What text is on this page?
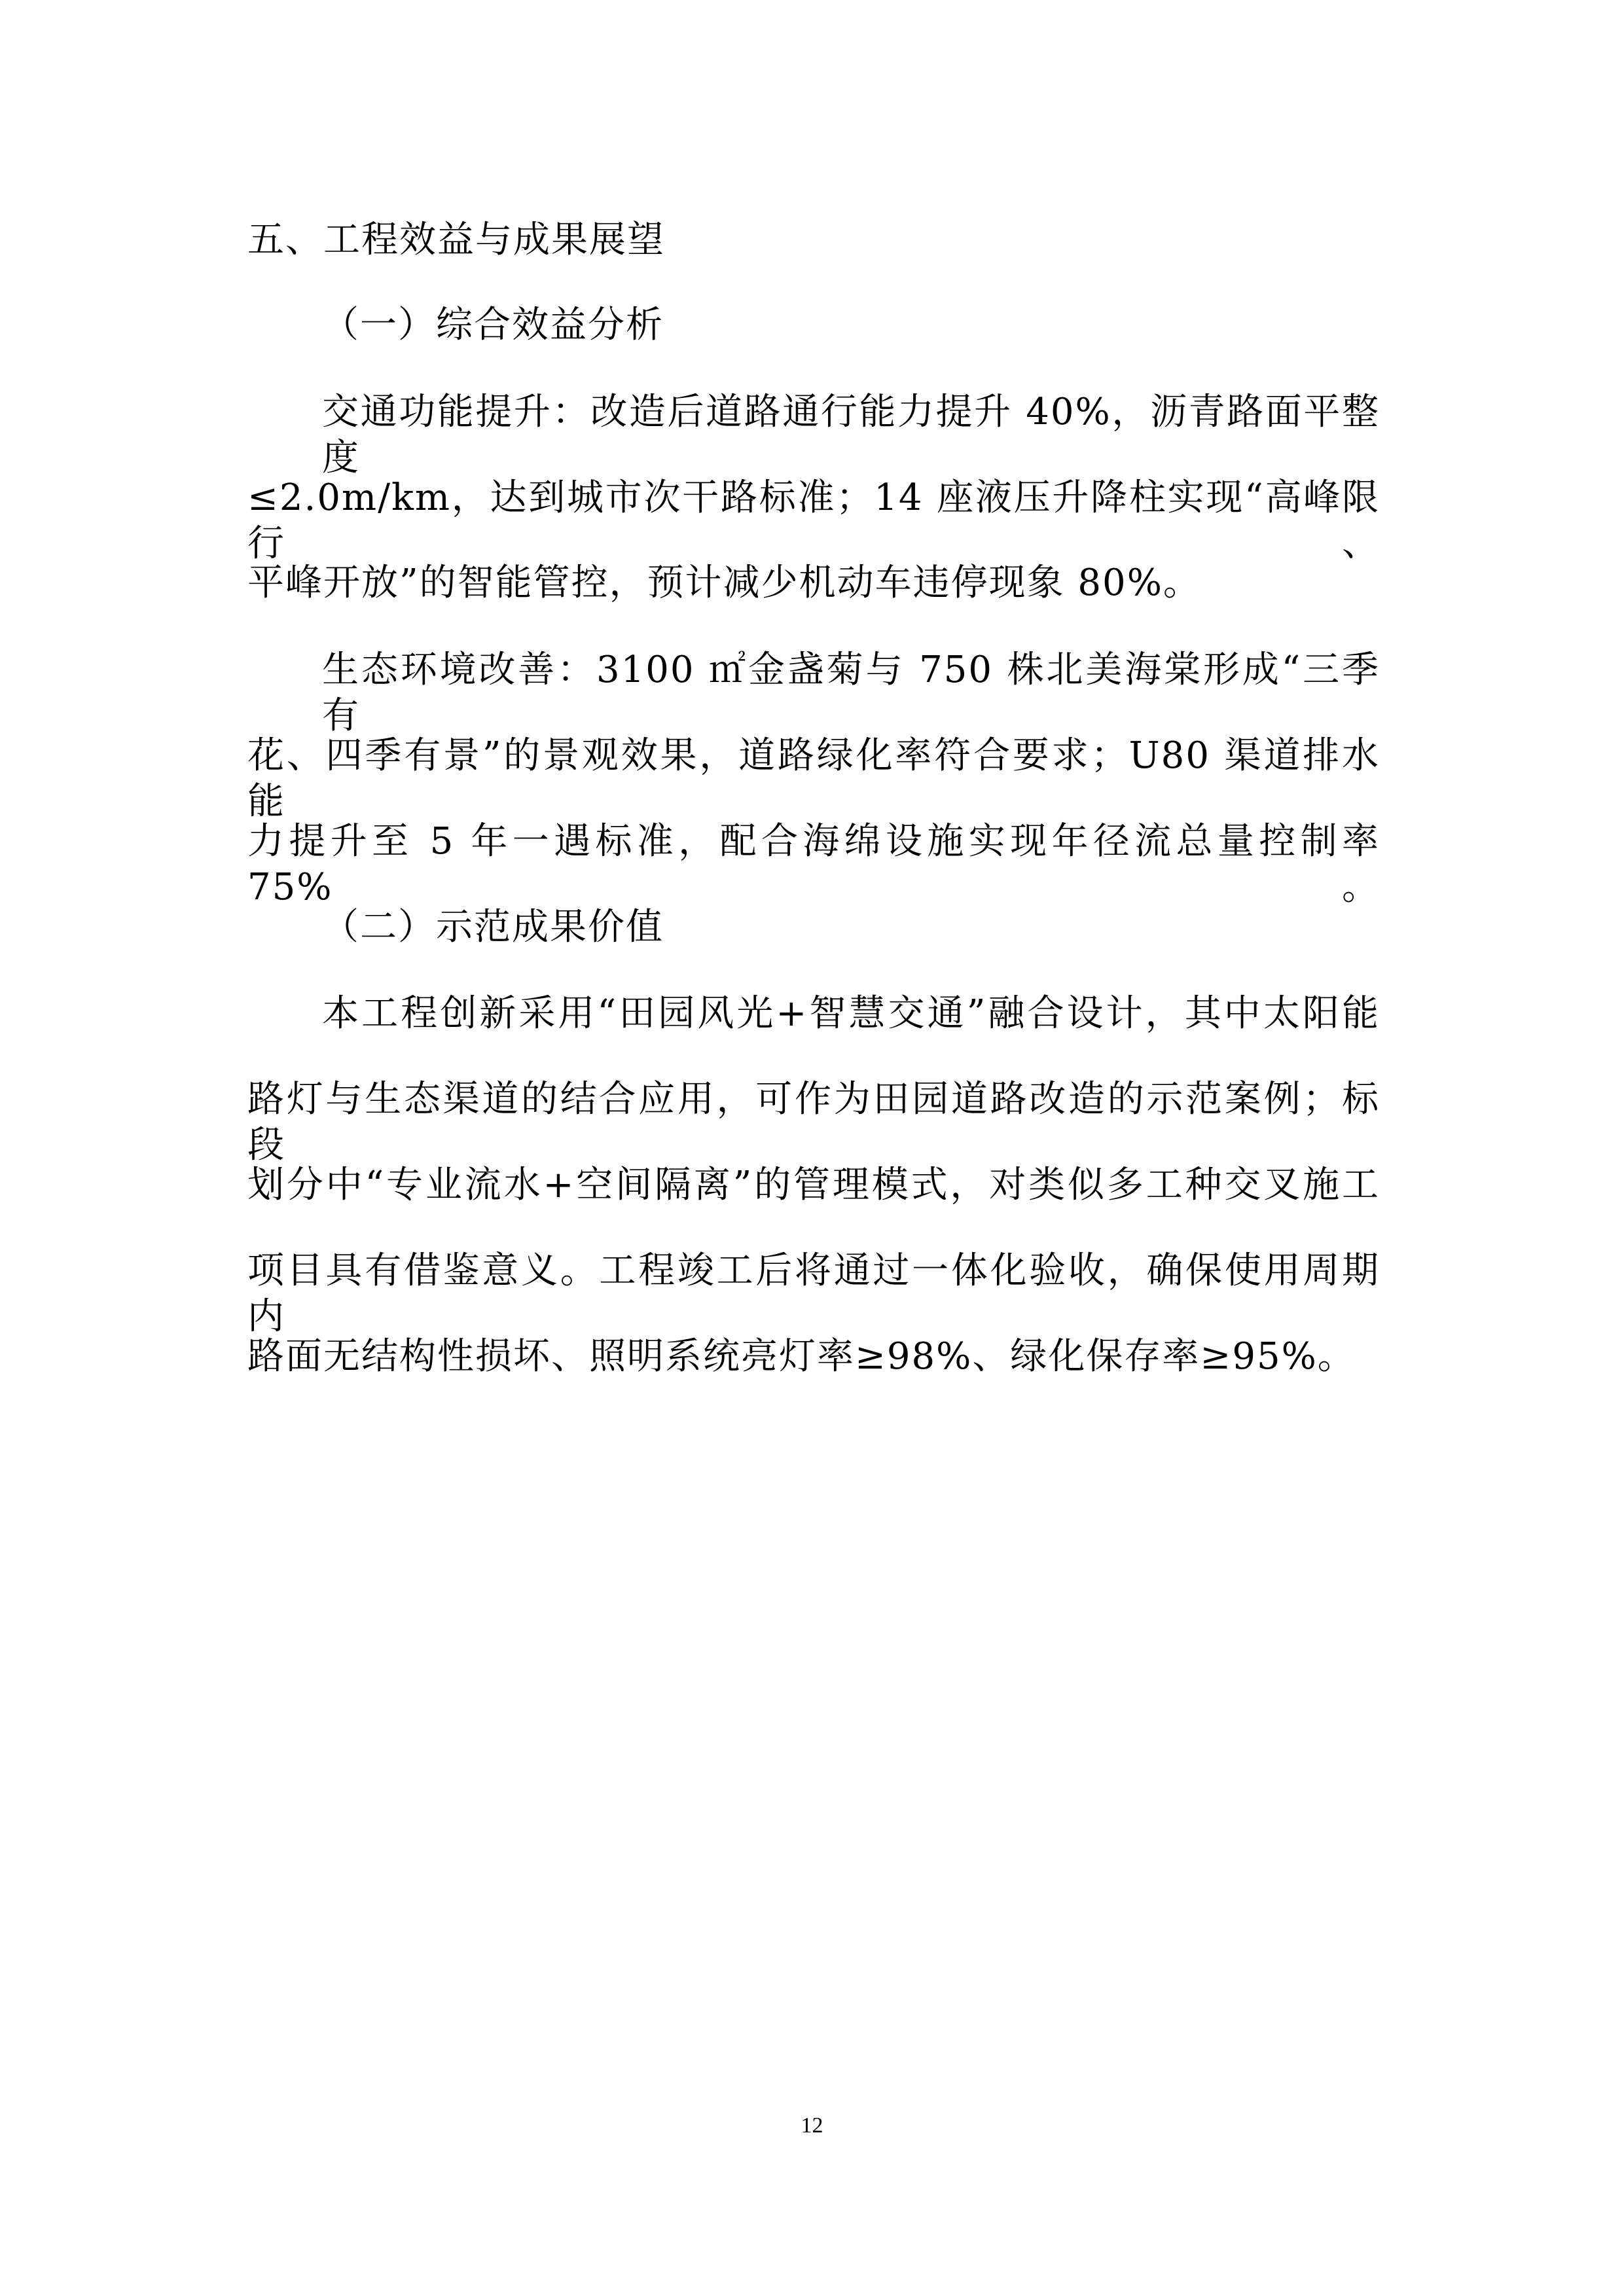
五、工程效益与成果展望
（一）综合效益分析
交通功能提升：改造后道路通行能力提升 40%，沥青路面平整度
≤2.0m/km，达到城市次干路标准；14 座液压升降柱实现“高峰限行、
平峰开放”的智能管控，预计减少机动车违停现象 80%。
生态环境改善：3100 ㎡金盏菊与 750 株北美海棠形成“三季有
花、四季有景”的景观效果，道路绿化率符合要求；U80 渠道排水能
力提升至 5 年一遇标准，配合海绵设施实现年径流总量控制率 75%。
（二）示范成果价值
本工程创新采用“田园风光+智慧交通”融合设计，其中太阳能
路灯与生态渠道的结合应用，可作为田园道路改造的示范案例；标段
划分中“专业流水+空间隔离”的管理模式，对类似多工种交叉施工
项目具有借鉴意义。工程竣工后将通过一体化验收，确保使用周期内
路面无结构性损坏、照明系统亮灯率≥98%、绿化保存率≥95%。
12
